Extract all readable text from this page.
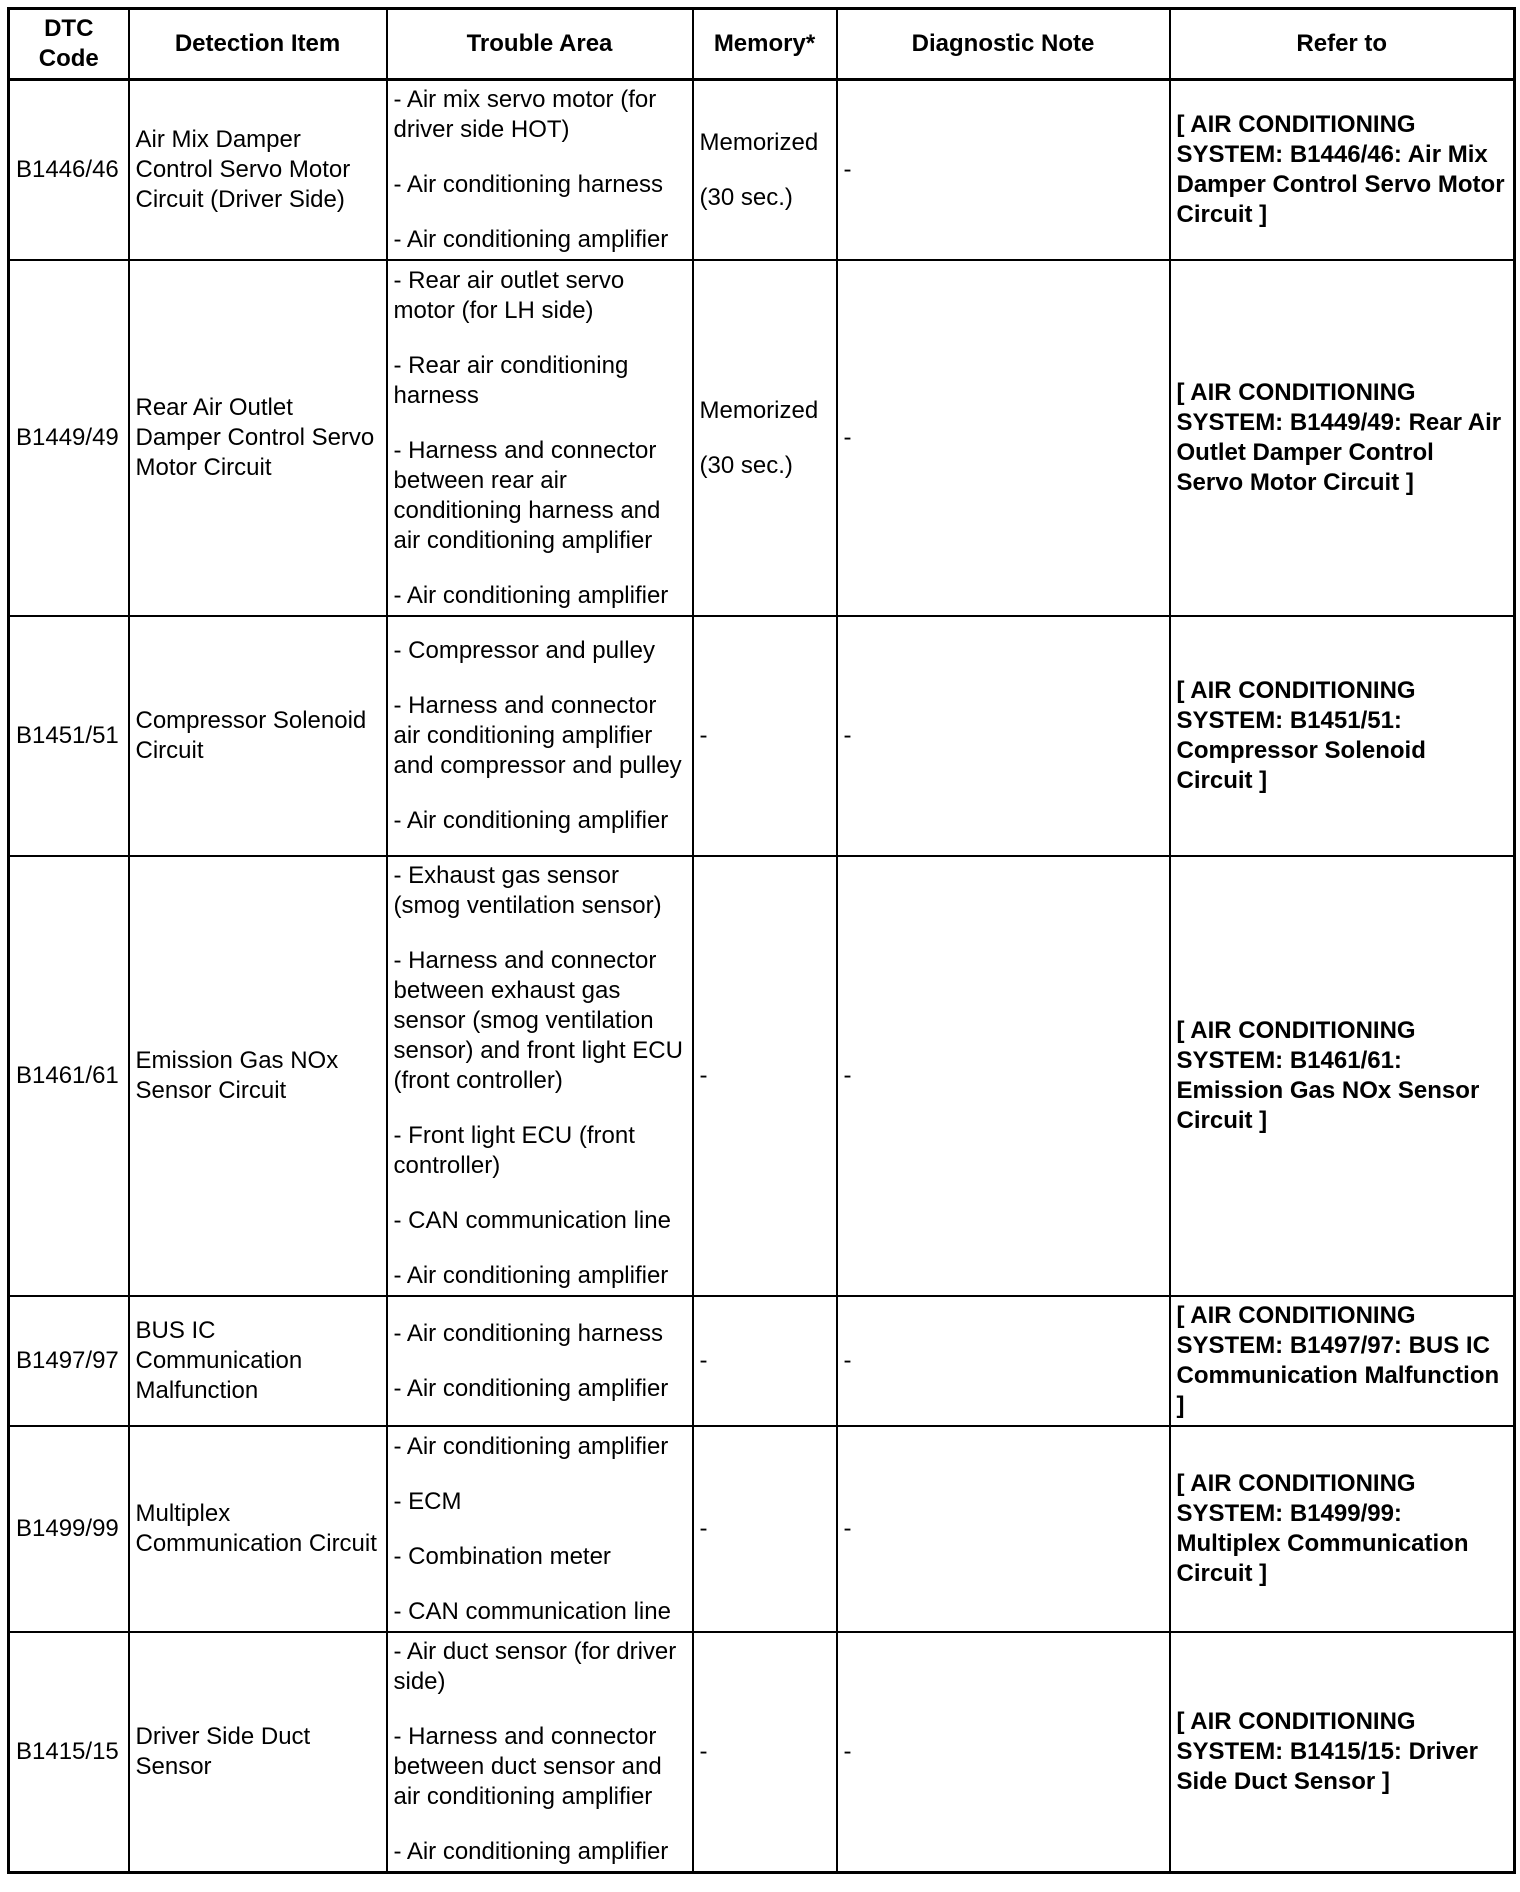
DTC Code	Detection Item	Trouble Area	Memory*	Diagnostic Note	Refer to
B1446/46	Air Mix Damper Control Servo Motor Circuit (Driver Side)	- Air mix servo motor (for driver side HOT)
- Air conditioning harness
- Air conditioning amplifier	Memorized
(30 sec.)	-	[ AIR CONDITIONING SYSTEM: B1446/46: Air Mix Damper Control Servo Motor Circuit ]
B1449/49	Rear Air Outlet Damper Control Servo Motor Circuit	- Rear air outlet servo motor (for LH side)
- Rear air conditioning harness
- Harness and connector between rear air conditioning harness and air conditioning amplifier
- Air conditioning amplifier	Memorized
(30 sec.)	-	[ AIR CONDITIONING SYSTEM: B1449/49: Rear Air Outlet Damper Control Servo Motor Circuit ]
B1451/51	Compressor Solenoid Circuit	- Compressor and pulley
- Harness and connector air conditioning amplifier and compressor and pulley
- Air conditioning amplifier	-	-	[ AIR CONDITIONING SYSTEM: B1451/51: Compressor Solenoid Circuit ]
B1461/61	Emission Gas NOx Sensor Circuit	- Exhaust gas sensor (smog ventilation sensor)
- Harness and connector between exhaust gas sensor (smog ventilation sensor) and front light ECU (front controller)
- Front light ECU (front controller)
- CAN communication line
- Air conditioning amplifier	-	-	[ AIR CONDITIONING SYSTEM: B1461/61: Emission Gas NOx Sensor Circuit ]
B1497/97	BUS IC Communication Malfunction	- Air conditioning harness
- Air conditioning amplifier	-	-	[ AIR CONDITIONING SYSTEM: B1497/97: BUS IC Communication Malfunction ]
B1499/99	Multiplex Communication Circuit	- Air conditioning amplifier
- ECM
- Combination meter
- CAN communication line	-	-	[ AIR CONDITIONING SYSTEM: B1499/99: Multiplex Communication Circuit ]
B1415/15	Driver Side Duct Sensor	- Air duct sensor (for driver side)
- Harness and connector between duct sensor and air conditioning amplifier
- Air conditioning amplifier	-	-	[ AIR CONDITIONING SYSTEM: B1415/15: Driver Side Duct Sensor ]
